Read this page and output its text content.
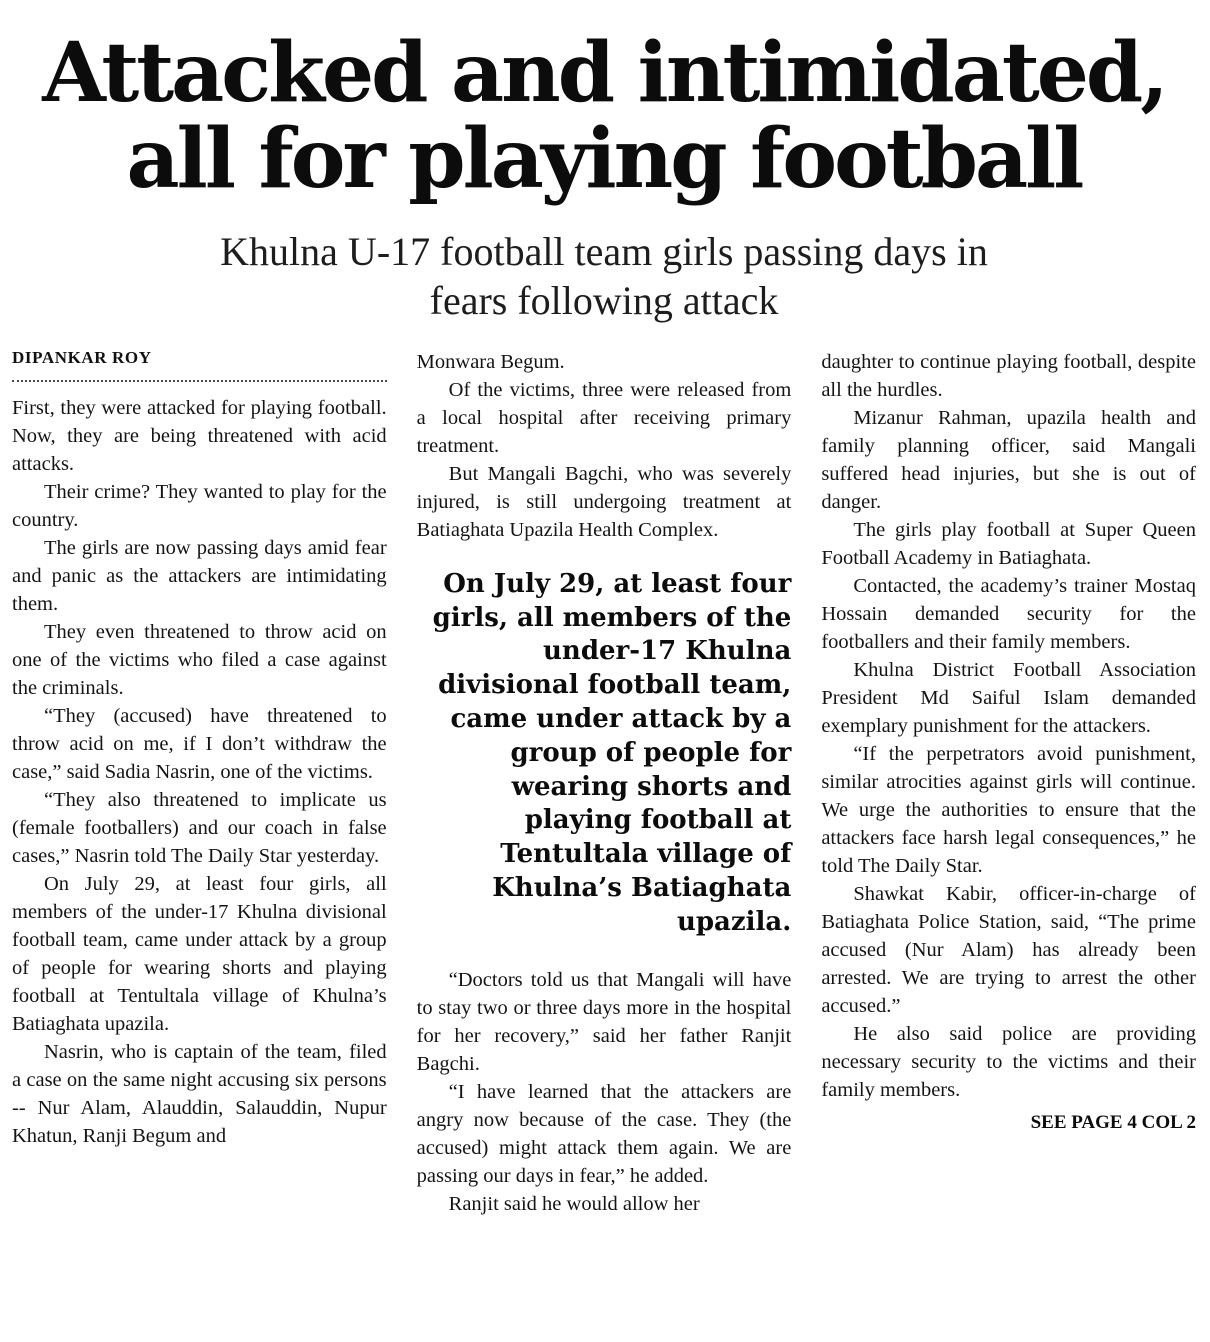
Attacked and intimidated,
all for playing football
Khulna U-17 football team girls passing days in fears following attack
DIPANKAR ROY

First, they were attacked for playing football. Now, they are being threatened with acid attacks.

Their crime? They wanted to play for the country.

The girls are now passing days amid fear and panic as the attackers are intimidating them.

They even threatened to throw acid on one of the victims who filed a case against the criminals.

“They (accused) have threatened to throw acid on me, if I don’t withdraw the case,” said Sadia Nasrin, one of the victims.

“They also threatened to implicate us (female footballers) and our coach in false cases,” Nasrin told The Daily Star yesterday.

On July 29, at least four girls, all members of the under-17 Khulna divisional football team, came under attack by a group of people for wearing shorts and playing football at Tentultala village of Khulna’s Batiaghata upazila.

Nasrin, who is captain of the team, filed a case on the same night accusing six persons -- Nur Alam, Alauddin, Salauddin, Nupur Khatun, Ranji Begum and

Monwara Begum.

Of the victims, three were released from a local hospital after receiving primary treatment.

But Mangali Bagchi, who was severely injured, is still undergoing treatment at Batiaghata Upazila Health Complex.

On July 29, at least four girls, all members of the under-17 Khulna divisional football team, came under attack by a group of people for wearing shorts and playing football at Tentultala village of Khulna’s Batiaghata upazila.

“Doctors told us that Mangali will have to stay two or three days more in the hospital for her recovery,” said her father Ranjit Bagchi.

“I have learned that the attackers are angry now because of the case. They (the accused) might attack them again. We are passing our days in fear,” he added.

Ranjit said he would allow her

daughter to continue playing football, despite all the hurdles.

Mizanur Rahman, upazila health and family planning officer, said Mangali suffered head injuries, but she is out of danger.

The girls play football at Super Queen Football Academy in Batiaghata.

Contacted, the academy’s trainer Mostaq Hossain demanded security for the footballers and their family members.

Khulna District Football Association President Md Saiful Islam demanded exemplary punishment for the attackers.

“If the perpetrators avoid punishment, similar atrocities against girls will continue. We urge the authorities to ensure that the attackers face harsh legal consequences,” he told The Daily Star.

Shawkat Kabir, officer-in-charge of Batiaghata Police Station, said, “The prime accused (Nur Alam) has already been arrested. We are trying to arrest the other accused.”

He also said police are providing necessary security to the victims and their family members.

SEE PAGE 4 COL 2
